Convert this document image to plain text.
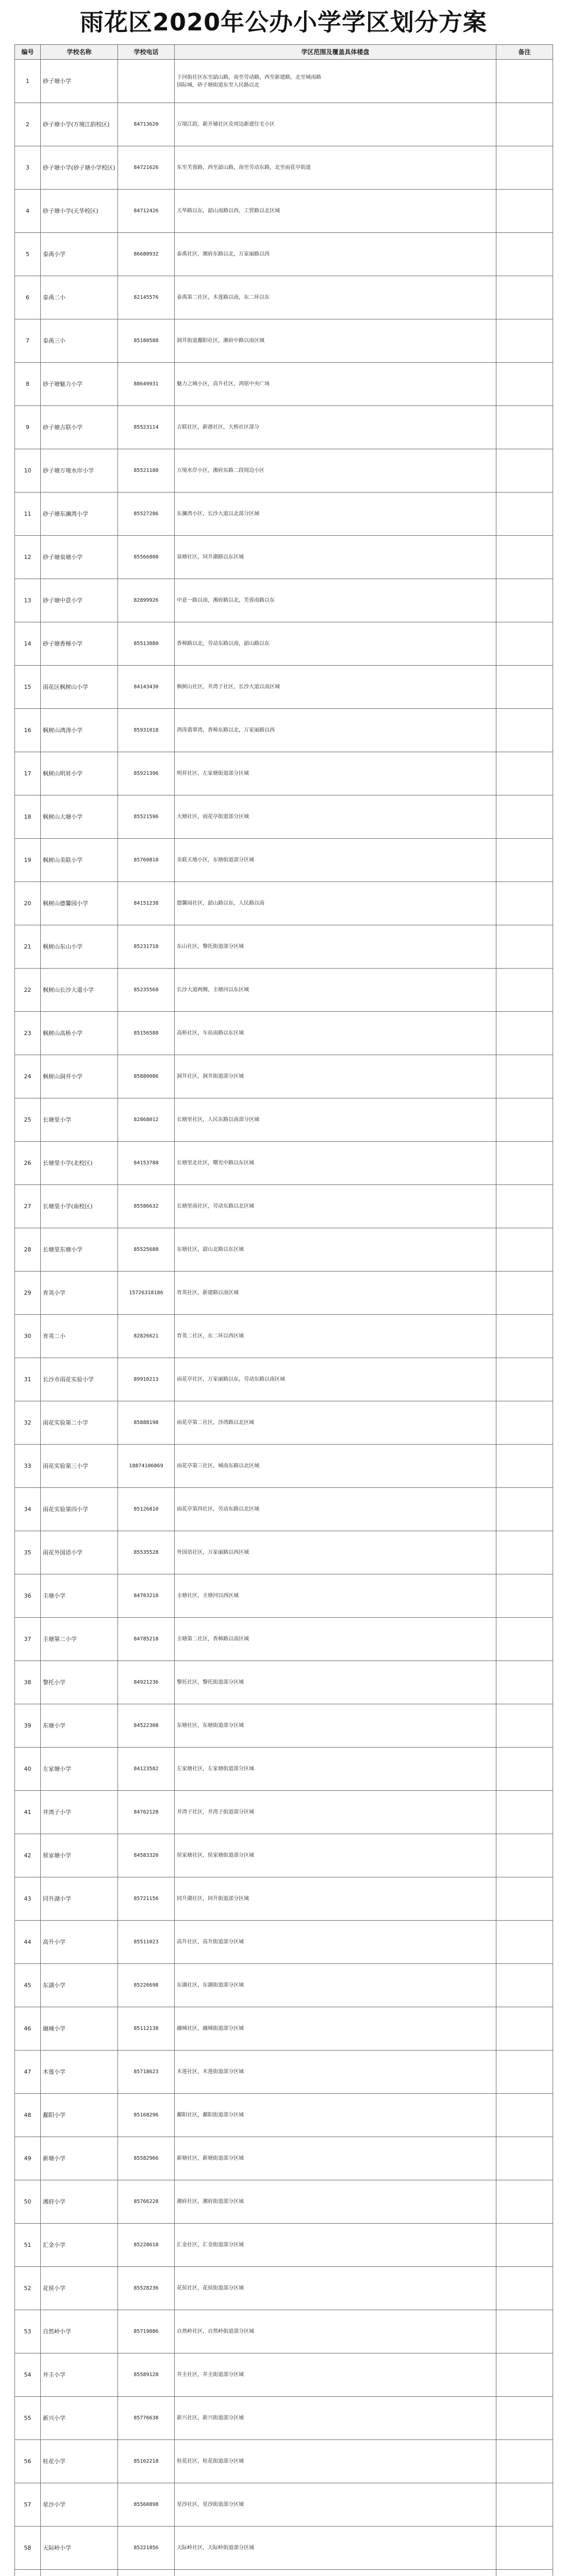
雨花区2020年公办小学学区划分方案
编号	学校名称	学校电话	学区范围及覆盖具体楼盘	备注
1	砂子塘小学		下河街社区东至韶山路，南至劳动路，西至新建路，北至城南路
国际城，砂子塘街道东至人民路以北	

2	砂子塘小学(万境江韵校区)	84713620	万境江韵，新开铺社区及周边新建住宅小区	

3	砂子塘小学(砂子塘小学校区)	84721626	东至芙蓉路，西至韶山路，南至劳动东路，北至雨花亭街道	

4	砂子塘小学(天华校区)	84712426	天华路以东，韶山南路以西，工贸路以北区域	

5	泰禹小学	86680932	泰禹社区，湘府东路以北，万家丽路以西	

6	泰禹二小	82145576	泰禹第二社区，木莲路以南，东二环以东	

7	泰禹三小	85180588	洞井街道鄱阳社区，湘府中路以南区域	

8	砂子塘魅力小学	88649931	魅力之城小区，高升社区，鸿铭中央广场	

9	砂子塘吉联小学	85523114	吉联社区，新港社区，大桥社区部分	

10	砂子塘万境水岸小学	85521188	万境水岸小区，湘府东路二段周边小区	

11	砂子塘东澜湾小学	85527286	东澜湾小区，长沙大道以北部分区域	

12	砂子塘泉塘小学	85566808	泉塘社区，同升湖路以东区域	

13	砂子塘中意小学	82899926	中意一路以南，湘府路以北，芙蓉南路以东	

14	砂子塘香樟小学	85513880	香樟路以北，劳动东路以南，韶山路以东	

15	雨花区枫树山小学	84143430	枫树山社区，井湾子社区，长沙大道以南区域	

16	枫树山鸿涛小学	85931018	鸿涛翡翠湾，香樟东路以北，万家丽路以西	

17	枫树山明昇小学	85921396	明昇社区，左家塘街道部分区域	

18	枫树山大塘小学	85521596	大塘社区，雨花亭街道部分区域	

19	枫树山美联小学	85760818	美联天地小区，东塘街道部分区域	

20	枫树山德馨园小学	84151238	德馨园社区，韶山路以东，人民路以南	

21	枫树山东山小学	85231718	东山社区，黎托街道部分区域	

22	枫树山长沙大道小学	85235568	长沙大道两侧，圭塘河以东区域	

23	枫树山高桥小学	85156588	高桥社区，车站南路以东区域	

24	枫树山洞井小学	85880086	洞井社区，洞井街道部分区域	

25	长塘里小学	82868012	长塘里社区，人民东路以南部分区域	

26	长塘里小学(北校区)	84153788	长塘里北社区，曙光中路以东区域	

27	长塘里小学(南校区)	85586632	长塘里南社区，劳动东路以北区域	

28	长塘里东塘小学	85525688	东塘社区，韶山北路以东区域	

29	育英小学	15726318186	育英社区，新建路以南区域	

30	育英二小	82826621	育英二社区，东二环以西区域	

31	长沙市雨花实验小学	89910213	雨花亭社区，万家丽路以东，劳动东路以南区域	

32	雨花实验第二小学	85888198	雨花亭第二社区，沙湾路以北区域	

33	雨花实验第三小学	18874106869	雨花亭第三社区，城南东路以北区域	

34	雨花实验第四小学	85126810	雨花亭第四社区，劳动东路以北区域	

35	雨花外国语小学	85535528	外国语社区，万家丽路以西区域	

36	圭塘小学	84783218	圭塘社区，圭塘河以西区域	

37	圭塘第二小学	84785218	圭塘第二社区，香樟路以南区域	

38	黎托小学	84921236	黎托社区，黎托街道部分区域	

39	东塘小学	84522308	东塘社区，东塘街道部分区域	

40	左家塘小学	84123582	左家塘社区，左家塘街道部分区域	

41	井湾子小学	84762128	井湾子社区，井湾子街道部分区域	

42	侯家塘小学	84583320	侯家塘社区，侯家塘街道部分区域	

43	同升湖小学	85721156	同升湖社区，同升街道部分区域	

44	高升小学	85511023	高升社区，高升街道部分区域	

45	东湖小学	85226698	东湖社区，东湖街道部分区域	

46	融城小学	85112138	融城社区，融城街道部分区域	

47	木莲小学	85718623	木莲社区，木莲街道部分区域	

48	鄱阳小学	85168296	鄱阳社区，鄱阳街道部分区域	

49	新塘小学	85582966	新塘社区，新塘街道部分区域	

50	湘府小学	85766228	湘府社区，湘府街道部分区域	

51	汇金小学	85228618	汇金社区，汇金街道部分区域	

52	花侯小学	85528236	花侯社区，花侯街道部分区域	

53	自然岭小学	85719086	自然岭社区，自然岭街道部分区域	

54	井圭小学	85589128	井圭社区，井圭街道部分区域	

55	新兴小学	85776638	新兴社区，新兴街道部分区域	

56	桂花小学	85162218	桂花社区，桂花街道部分区域	

57	星沙小学	85560898	星沙社区，星沙街道部分区域	

58	天际岭小学	85221856	天际岭社区，天际岭街道部分区域	
